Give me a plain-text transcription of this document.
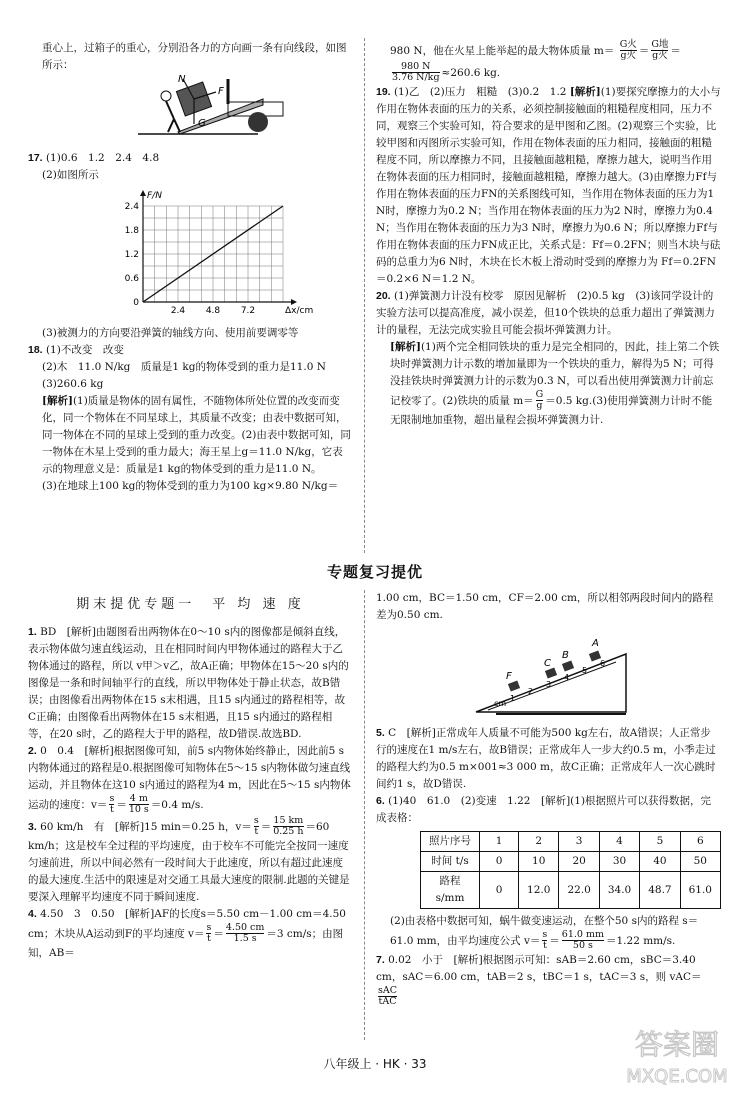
重心上，过箱子的重心，分别沿各力的方向画一条有向线段，如图所示：

N
F
G

17. (1)0.6　1.2　2.4　4.8

(2)如图所示

2.4
1.8
1.2
0.6
0
2.4 4.8 7.2
F/N
Δx/cm

(3)被测力的方向要沿弹簧的轴线方向、使用前要调零等

18. (1)不改变　改变

(2)木　11.0 N/kg　质量是1 kg的物体受到的重力是11.0 N

(3)260.6 kg

[解析](1)质量是物体的固有属性，不随物体所处位置的改变而变化，同一个物体在不同星球上，其质量不改变；由表中数据可知，同一物体在不同的星球上受到的重力改变。(2)由表中数据可知，同一物体在木星上受到的重力最大；海王星上g＝11.0 N/kg，它表示的物理意义是：质量是1 kg的物体受到的重力是11.0 N。

(3)在地球上100 kg的物体受到的重力为100 kg×9.80 N/kg＝

980 N，他在火星上能举起的最大物体质量 $m= \frac{\text{G火}}{\text{g火}} = \frac{\text{G地}}{\text{g火}}$ ＝

$\frac{980 N}{3.76 N/kg} \approx 260.6$ kg.

19. (1)乙　(2)压力　粗糙　(3)0.2　1.2 [解析](1)要探究摩擦力的大小与作用在物体表面的压力的关系，必须控制接触面的粗糙程度相同，压力不同，观察三个实验可知，符合要求的是甲图和乙图。(2)观察三个实验，比较甲图和丙图所示实验可知，作用在物体表面的压力相同，接触面的粗糙程度不同，所以摩擦力不同，且接触面越粗糙，摩擦力越大，说明当作用在物体表面的压力相同时，接触面越粗糙，摩擦力越大。(3)由摩擦力Ff与作用在物体表面的压力FN的关系图线可知，当作用在物体表面的压力为1 N时，摩擦力为0.2 N；当作用在物体表面的压力为2 N时，摩擦力为0.4 N；当作用在物体表面的压力为3 N时，摩擦力为0.6 N；所以摩擦力Ff与作用在物体表面的压力FN成正比，关系式是：Ff＝0.2FN；则当木块与砝码的总重力为6 N时，木块在长木板上滑动时受到的摩擦力为 Ff＝0.2FN＝0.2×6 N＝1.2 N。

20. (1)弹簧测力计没有校零　原因见解析　(2)0.5 kg　(3)该同学设计的实验方法可以提高准度，减小误差，但10个铁块的总重力超出了弹簧测力计的量程，无法完成实验且可能会损坏弹簧测力计。

[解析](1)两个完全相同铁块的重力是完全相同的，因此，挂上第二个铁块时弹簧测力计示数的增加量即为一个铁块的重力，解得为5 N；可得没挂铁块时弹簧测力计的示数为0.3 N，可以看出使用弹簧测力计前忘记校零了。(2)铁块的质量 $m= \frac{G}{g} =0.5$ kg.(3)使用弹簧测力计时不能无限制地加重物，超出量程会损坏弹簧测力计.

专题复习提优
期末提优专题一　平 均 速 度

1. BD　[解析]由题图看出两物体在0～10 s内的图像都是倾斜直线，表示物体做匀速直线运动，且在相同时间内甲物体通过的路程大于乙物体通过的路程，所以 v甲＞v乙，故A正确；甲物体在15～20 s内的图像是一条和时间轴平行的直线，所以甲物体处于静止状态，故B错误；由图像看出两物体在15 s末相遇，且15 s内通过的路程相等，故C正确；由图像看出两物体在15 s末相遇，且15 s内通过的路程相等，在20 s时，乙的路程大于甲的路程，故D错误.故选BD.

2. 0　0.4　[解析]根据图像可知，前5 s内物体始终静止，因此前5 s内物体通过的路程是0.根据图像可知物体在5～15 s内物体做匀速直线运动，并且物体在这10 s内通过的路程为4 m，因此在5～15 s内物体运动的速度：$v= \frac{s}{t} = \frac{4 m}{10 s} =0.4$ m/s.

3. 60 km/h　有　[解析]15 min＝0.25 h，$v= \frac{s}{t} = \frac{15 km}{0.25 h} =60$ km/h；这是校车全过程的平均速度，由于校车不可能完全按同一速度匀速前进，所以中间必然有一段时间大于此速度，所以有超过此速度的最大速度.生活中的限速是对交通工具最大速度的限制.此题的关键是要深入理解平均速度不同于瞬间速度.

4. 4.50　3　0.50　[解析]AF的长度s＝5.50 cm－1.00 cm＝4.50 cm；木块从A运动到F的平均速度 $v= \frac{s}{t} = \frac{4.50 cm}{1.5 s} =3$ cm/s；由图知，AB＝

1.00 cm，BC＝1.50 cm，CF＝2.00 cm，所以相邻两段时间内的路程差为0.50 cm.

cm
1
2
3
4
5
6
F
C
B
A

5. C　[解析]正常成年人质量不可能为500 kg左右，故A错误；人正常步行的速度在1 m/s左右，故B错误；正常成年人一步大约0.5 m，小季走过的路程大约为0.5 m×001≈3 000 m，故C正确；正常成年人一次心跳时间约1 s，故D错误.

6. (1)40　61.0　(2)变速　1.22　[解析](1)根据照片可以获得数据，完成表格：

照片序号	1	2	3	4	5	6
时间 t/s	0	10	20	30	40	50
路程 s/mm	0	12.0	22.0	34.0	48.7	61.0

(2)由表格中数据可知，蜗牛做变速运动，在整个50 s内的路程 s＝61.0 mm，由平均速度公式 $v= \frac{s}{t} = \frac{61.0 mm}{50 s} =1.22$ mm/s.

7. 0.02　小于　[解析]根据图示可知：sAB＝2.60 cm，sBC＝3.40 cm，sAC＝6.00 cm，tAB＝2 s，tBC＝1 s，tAC＝3 s，则 vAC＝
$\frac{\text{sAC}}{\text{tAC}}$

八年级上 · HK · 33
答案圈
MXQE.COM
